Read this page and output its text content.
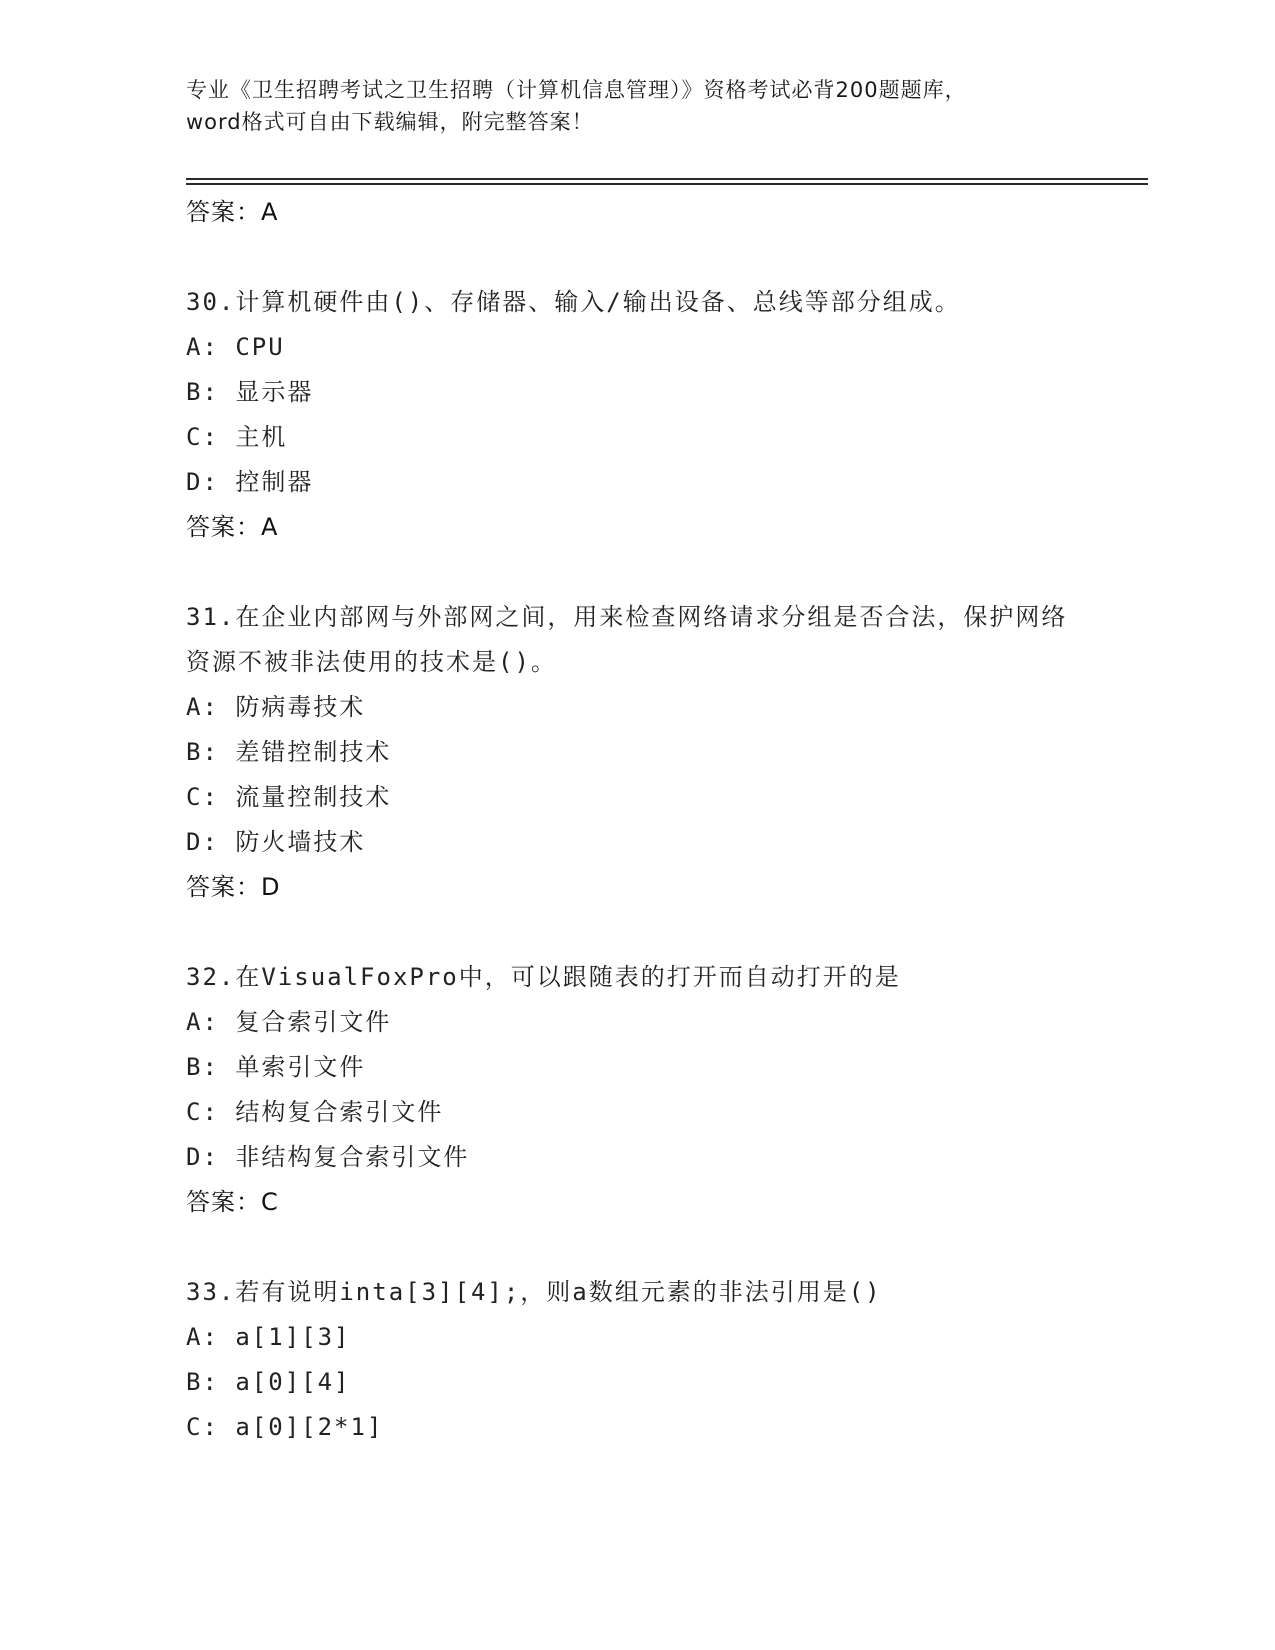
专业《卫生招聘考试之卫生招聘（计算机信息管理）》资格考试必背200题题库，
word格式可自由下载编辑，附完整答案！
答案：A
30.计算机硬件由()、存储器、输入/输出设备、总线等部分组成。
A: CPU
B: 显示器
C: 主机
D: 控制器
答案：A
31.在企业内部网与外部网之间，用来检查网络请求分组是否合法，保护网络资源不被非法使用的技术是()。
A: 防病毒技术
B: 差错控制技术
C: 流量控制技术
D: 防火墙技术
答案：D
32.在VisualFoxPro中，可以跟随表的打开而自动打开的是
A: 复合索引文件
B: 单索引文件
C: 结构复合索引文件
D: 非结构复合索引文件
答案：C
33.若有说明inta[3][4];，则a数组元素的非法引用是()
A: a[1][3]
B: a[0][4]
C: a[0][2*1]
